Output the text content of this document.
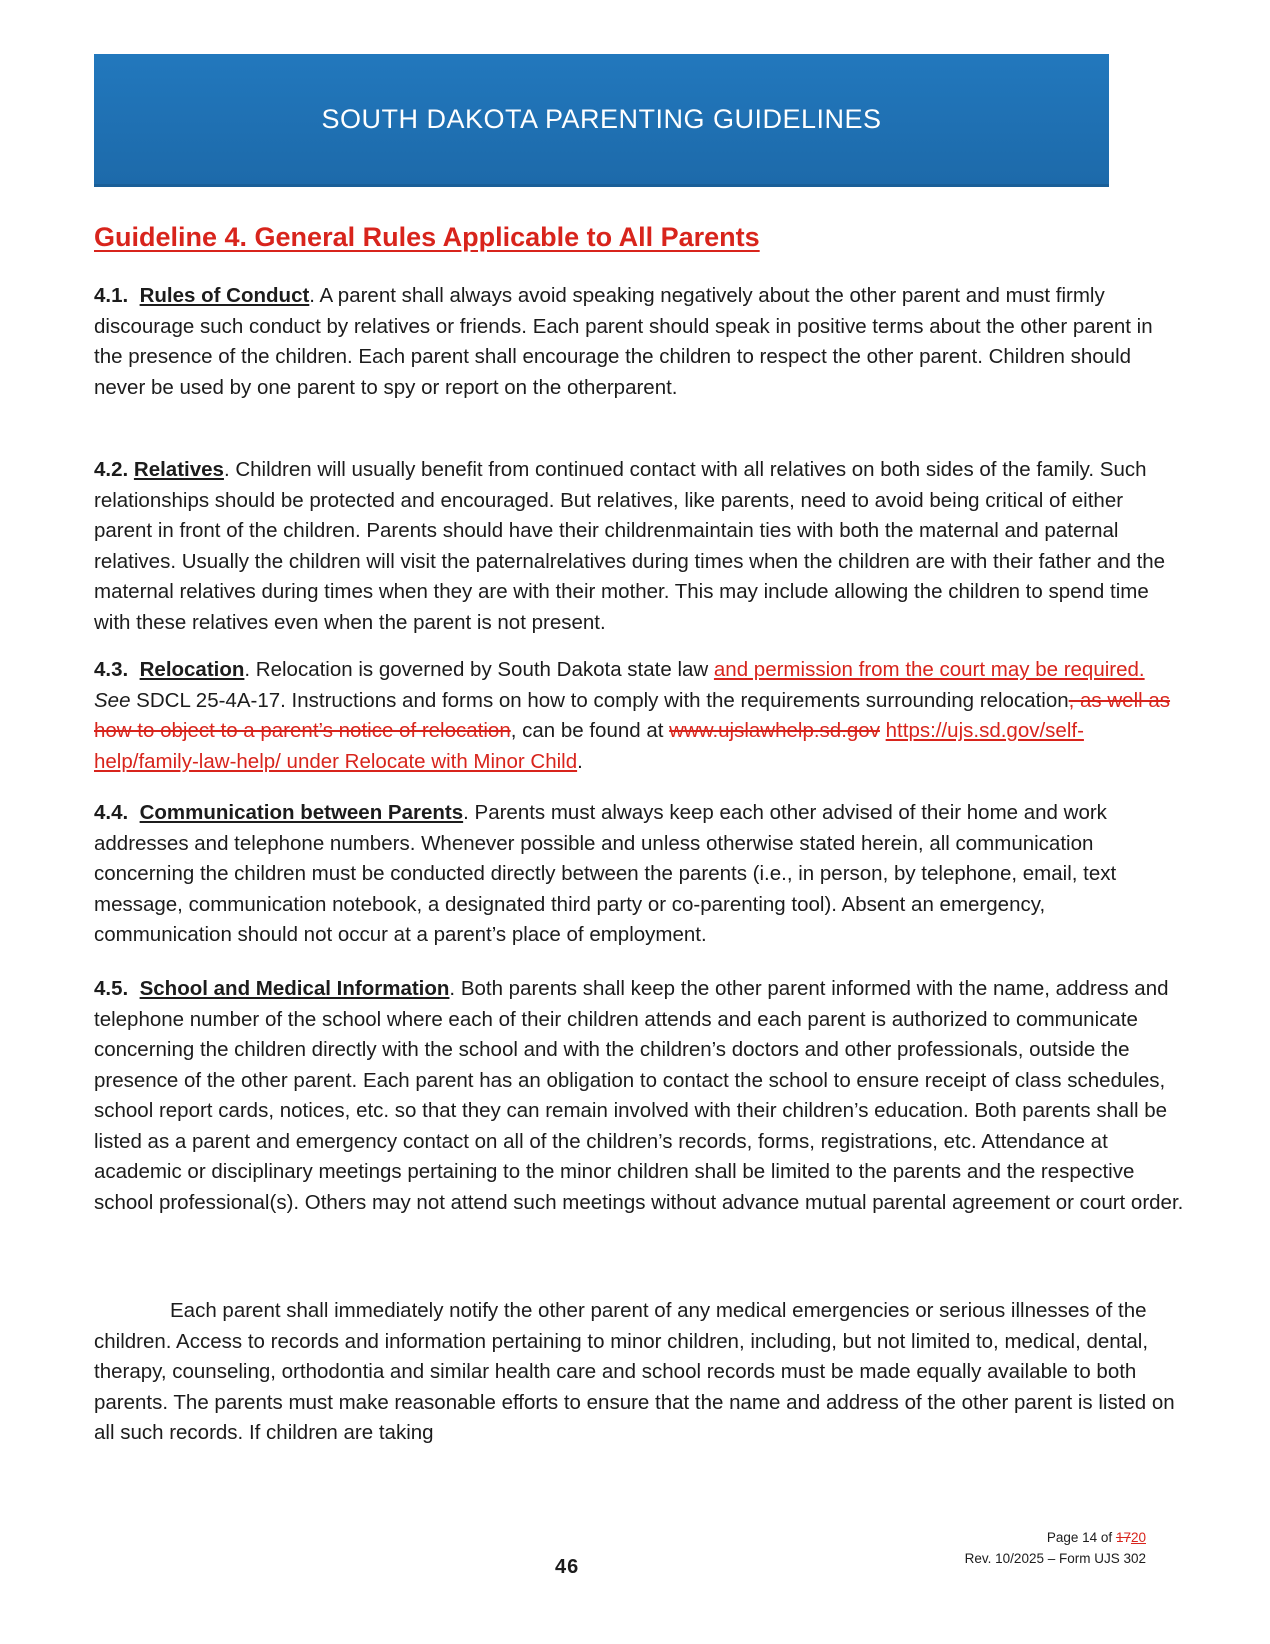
SOUTH DAKOTA PARENTING GUIDELINES
Guideline 4. General Rules Applicable to All Parents

4.1. Rules of Conduct. A parent shall always avoid speaking negatively about the other parent and must firmly discourage such conduct by relatives or friends. Each parent should speak in positive terms about the other parent in the presence of the children. Each parent shall encourage the children to respect the other parent. Children should never be used by one parent to spy or report on the otherparent.

4.2. Relatives. Children will usually benefit from continued contact with all relatives on both sides of the family. Such relationships should be protected and encouraged. But relatives, like parents, need to avoid being critical of either parent in front of the children. Parents should have their childrenmaintain ties with both the maternal and paternal relatives. Usually the children will visit the paternalrelatives during times when the children are with their father and the maternal relatives during times when they are with their mother. This may include allowing the children to spend time with these relatives even when the parent is not present.

4.3. Relocation. Relocation is governed by South Dakota state law and permission from the court may be required. See SDCL 25-4A-17. Instructions and forms on how to comply with the requirements surrounding relocation, as well as how to object to a parent’s notice of relocation, can be found at www.ujslawhelp.sd.gov https://ujs.sd.gov/self-help/family-law-help/ under Relocate with Minor Child.

4.4. Communication between Parents. Parents must always keep each other advised of their home and work addresses and telephone numbers. Whenever possible and unless otherwise stated herein, all communication concerning the children must be conducted directly between the parents (i.e., in person, by telephone, email, text message, communication notebook, a designated third party or co-parenting tool). Absent an emergency, communication should not occur at a parent’s place of employment.

4.5. School and Medical Information. Both parents shall keep the other parent informed with the name, address and telephone number of the school where each of their children attends and each parent is authorized to communicate concerning the children directly with the school and with the children’s doctors and other professionals, outside the presence of the other parent. Each parent has an obligation to contact the school to ensure receipt of class schedules, school report cards, notices, etc. so that they can remain involved with their children’s education. Both parents shall be listed as a parent and emergency contact on all of the children’s records, forms, registrations, etc. Attendance at academic or disciplinary meetings pertaining to the minor children shall be limited to the parents and the respective school professional(s). Others may not attend such meetings without advance mutual parental agreement or court order.

Each parent shall immediately notify the other parent of any medical emergencies or serious illnesses of the children. Access to records and information pertaining to minor children, including, but not limited to, medical, dental, therapy, counseling, orthodontia and similar health care and school records must be made equally available to both parents. The parents must make reasonable efforts to ensure that the name and address of the other parent is listed on all such records. If children are taking

46
Page 14 of 1720
Rev. 10/2025 – Form UJS 302
